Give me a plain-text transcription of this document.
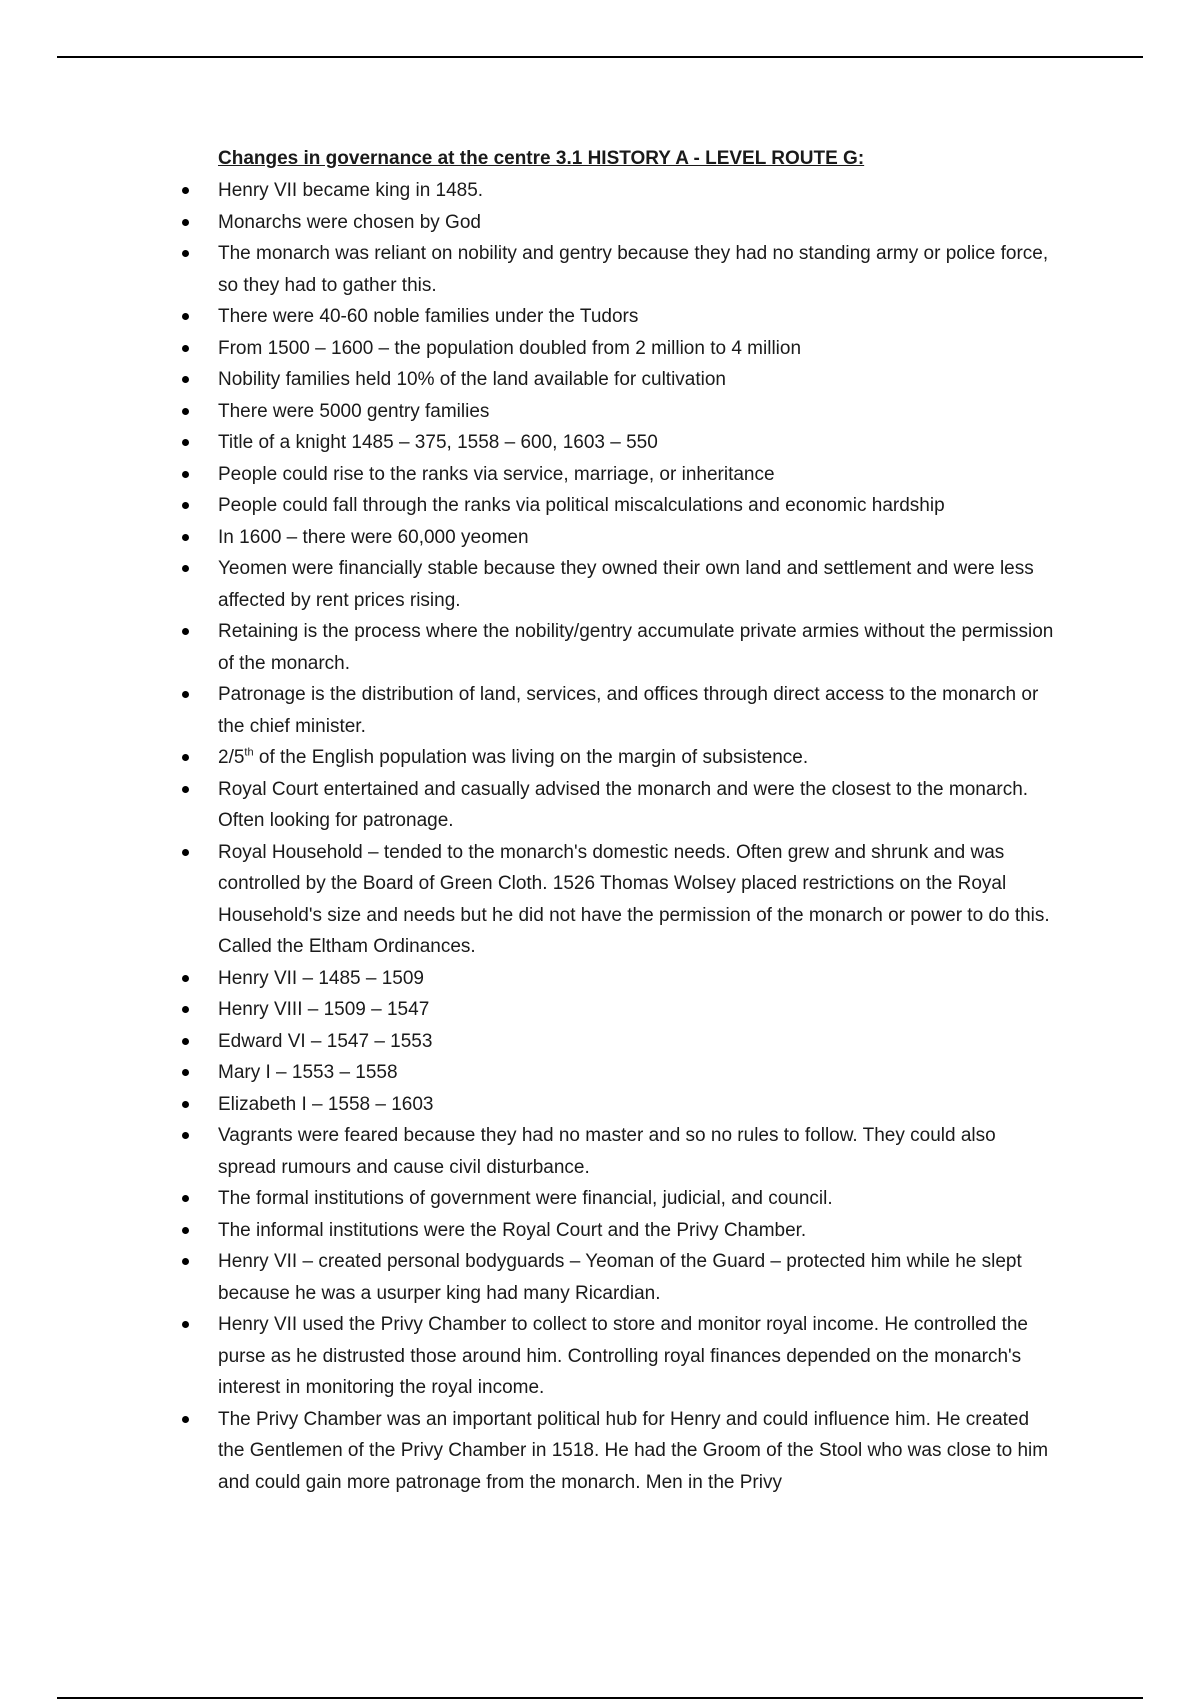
Changes in governance at the centre 3.1 HISTORY A - LEVEL ROUTE G:
Henry VII became king in 1485.
Monarchs were chosen by God
The monarch was reliant on nobility and gentry because they had no standing army or police force, so they had to gather this.
There were 40-60 noble families under the Tudors
From 1500 – 1600 – the population doubled from 2 million to 4 million
Nobility families held 10% of the land available for cultivation
There were 5000 gentry families
Title of a knight 1485 – 375, 1558 – 600, 1603 – 550
People could rise to the ranks via service, marriage, or inheritance
People could fall through the ranks via political miscalculations and economic hardship
In 1600 – there were 60,000 yeomen
Yeomen were financially stable because they owned their own land and settlement and were less affected by rent prices rising.
Retaining is the process where the nobility/gentry accumulate private armies without the permission of the monarch.
Patronage is the distribution of land, services, and offices through direct access to the monarch or the chief minister.
2/5th of the English population was living on the margin of subsistence.
Royal Court entertained and casually advised the monarch and were the closest to the monarch. Often looking for patronage.
Royal Household – tended to the monarch's domestic needs. Often grew and shrunk and was controlled by the Board of Green Cloth. 1526 Thomas Wolsey placed restrictions on the Royal Household's size and needs but he did not have the permission of the monarch or power to do this. Called the Eltham Ordinances.
Henry VII – 1485 – 1509
Henry VIII – 1509 – 1547
Edward VI – 1547 – 1553
Mary I – 1553 – 1558
Elizabeth I – 1558 – 1603
Vagrants were feared because they had no master and so no rules to follow. They could also spread rumours and cause civil disturbance.
The formal institutions of government were financial, judicial, and council.
The informal institutions were the Royal Court and the Privy Chamber.
Henry VII – created personal bodyguards – Yeoman of the Guard – protected him while he slept because he was a usurper king had many Ricardian.
Henry VII used the Privy Chamber to collect to store and monitor royal income. He controlled the purse as he distrusted those around him. Controlling royal finances depended on the monarch's interest in monitoring the royal income.
The Privy Chamber was an important political hub for Henry and could influence him. He created the Gentlemen of the Privy Chamber in 1518. He had the Groom of the Stool who was close to him and could gain more patronage from the monarch. Men in the Privy
